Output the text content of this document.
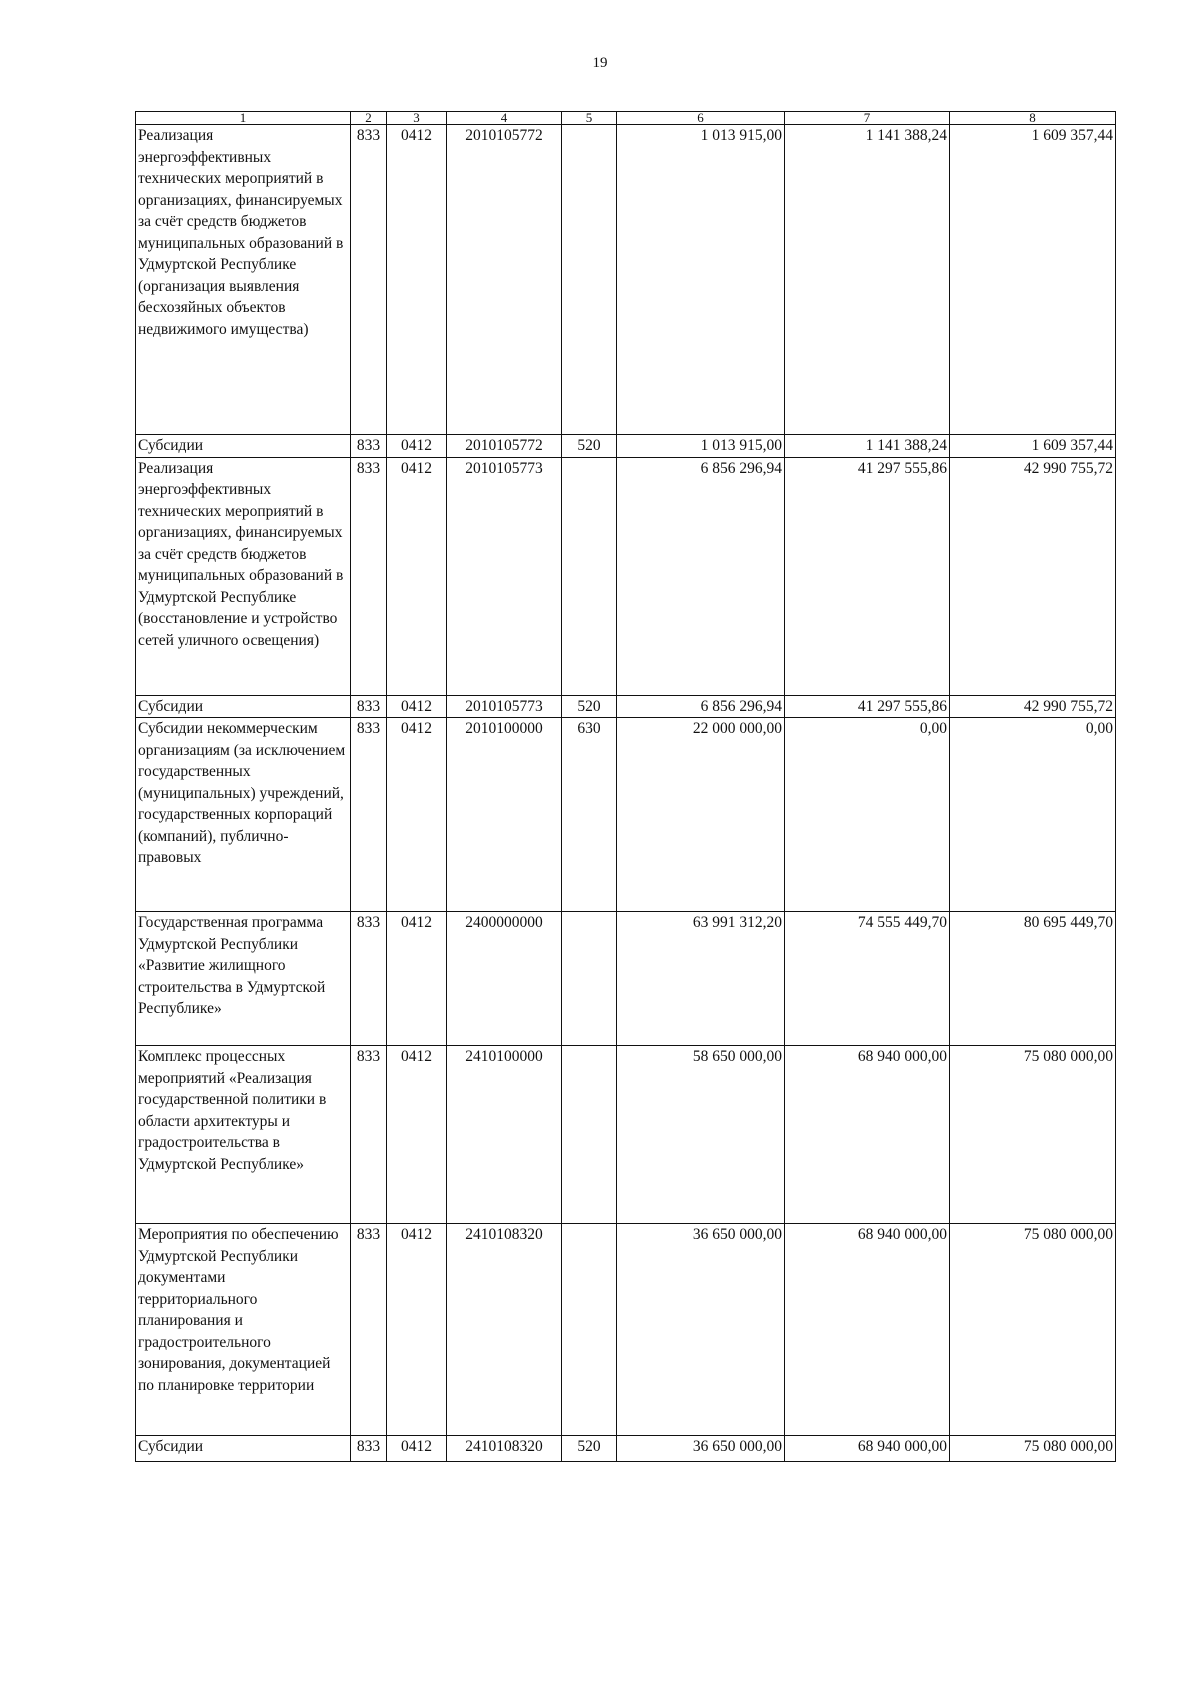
19
1	2	3	4	5	6	7	8
Реализация энергоэффективных технических мероприятий в организациях, финансируемых за счёт средств бюджетов муниципальных образований в Удмуртской Республике (организация выявления бесхозяйных объектов недвижимого имущества)	833	0412	2010105772		1 013 915,00	1 141 388,24	1 609 357,44
Субсидии	833	0412	2010105772	520	1 013 915,00	1 141 388,24	1 609 357,44
Реализация энергоэффективных технических мероприятий в организациях, финансируемых за счёт средств бюджетов муниципальных образований в Удмуртской Республике (восстановление и устройство сетей уличного освещения)	833	0412	2010105773		6 856 296,94	41 297 555,86	42 990 755,72
Субсидии	833	0412	2010105773	520	6 856 296,94	41 297 555,86	42 990 755,72
Субсидии некоммерческим организациям (за исключением государственных (муниципальных) учреждений, государственных корпораций (компаний), публично-правовых	833	0412	2010100000	630	22 000 000,00	0,00	0,00
Государственная программа Удмуртской Республики «Развитие жилищного строительства в Удмуртской Республике»	833	0412	2400000000		63 991 312,20	74 555 449,70	80 695 449,70
Комплекс процессных мероприятий «Реализация государственной политики в области архитектуры и градостроительства в Удмуртской Республике»	833	0412	2410100000		58 650 000,00	68 940 000,00	75 080 000,00
Мероприятия по обеспечению Удмуртской Республики документами территориального планирования и градостроительного зонирования, документацией по планировке территории	833	0412	2410108320		36 650 000,00	68 940 000,00	75 080 000,00
Субсидии	833	0412	2410108320	520	36 650 000,00	68 940 000,00	75 080 000,00
